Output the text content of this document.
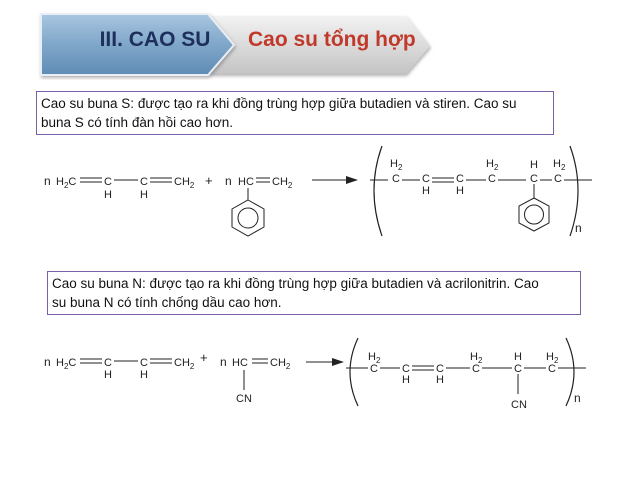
III. CAO SU	Cao su tổng hợp
Cao su buna S: được tạo ra khi đồng trùng hợp giữa butadien và stiren. Cao su
buna S có tính đàn hồi cao hơn.
n $H_2C$	C
H
C
H
$CH_2 + n$ HC $CH_2$
$H_2$
C C
H
C
H
$H_2$
C
H
C
$H_2$
C
n
Cao su buna N: được tạo ra khi đồng trùng hợp giữa butadien và acrilonitrin. Cao
su buna N có tính chống dầu cao hơn.
n $H_2C$	C
H
C
H
$CH_2$
+ n HC $CH_2$
CN
$H_2$
C C
H
C
H
$H_2$
C
H
C
$H_2$
C
CN	n
